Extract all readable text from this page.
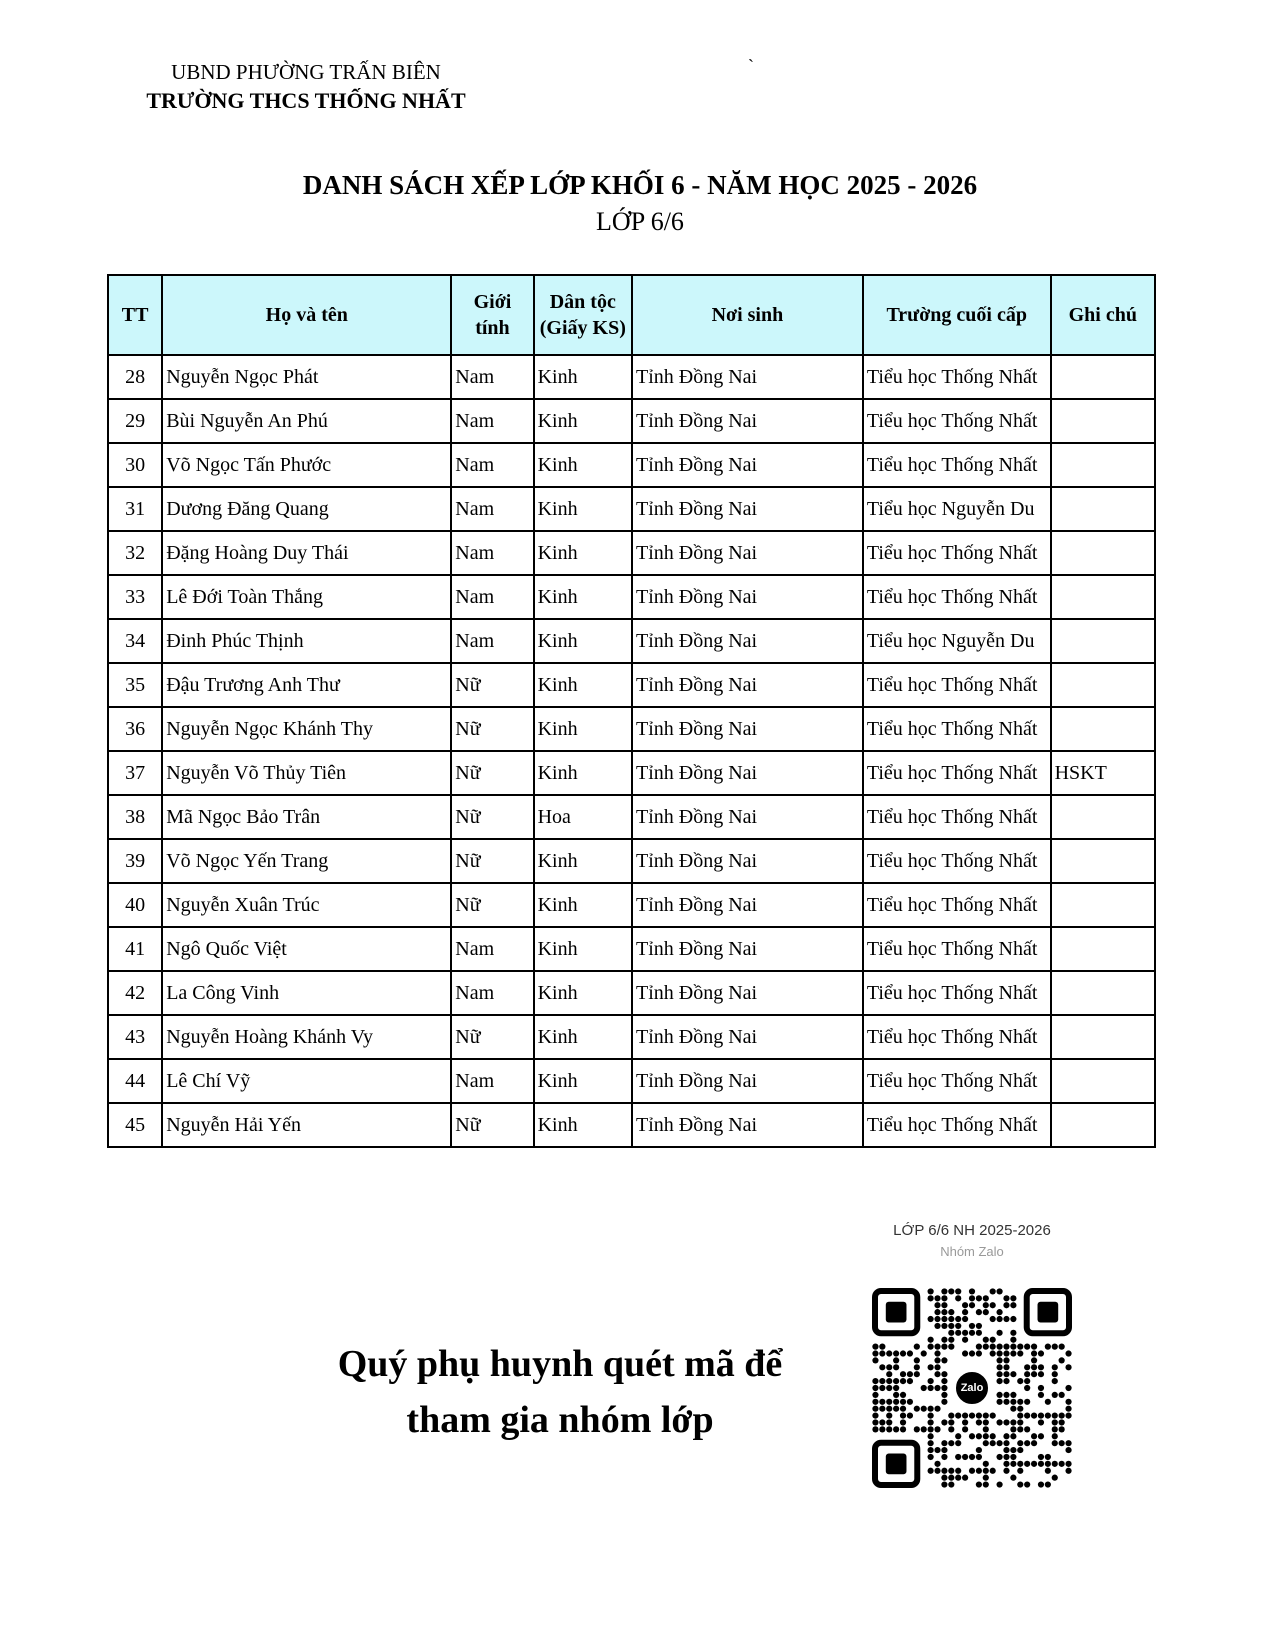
UBND PHƯỜNG TRẤN BIÊN
TRƯỜNG THCS THỐNG NHẤT
`
DANH SÁCH XẾP LỚP KHỐI 6 - NĂM HỌC 2025 - 2026
LỚP 6/6
TT	Họ và tên	Giới tính	Dân tộc (Giấy KS)	Nơi sinh	Trường cuối cấp	Ghi chú
28	Nguyễn Ngọc Phát	Nam	Kinh	Tỉnh Đồng Nai	Tiểu học Thống Nhất	
29	Bùi Nguyễn An Phú	Nam	Kinh	Tỉnh Đồng Nai	Tiểu học Thống Nhất	
30	Võ Ngọc Tấn Phước	Nam	Kinh	Tỉnh Đồng Nai	Tiểu học Thống Nhất	
31	Dương Đăng Quang	Nam	Kinh	Tỉnh Đồng Nai	Tiểu học Nguyễn Du	
32	Đặng Hoàng Duy Thái	Nam	Kinh	Tỉnh Đồng Nai	Tiểu học Thống Nhất	
33	Lê Đới Toàn Thắng	Nam	Kinh	Tỉnh Đồng Nai	Tiểu học Thống Nhất	
34	Đinh Phúc Thịnh	Nam	Kinh	Tỉnh Đồng Nai	Tiểu học Nguyễn Du	
35	Đậu Trương Anh Thư	Nữ	Kinh	Tỉnh Đồng Nai	Tiểu học Thống Nhất	
36	Nguyễn Ngọc Khánh Thy	Nữ	Kinh	Tỉnh Đồng Nai	Tiểu học Thống Nhất	
37	Nguyễn Võ Thủy Tiên	Nữ	Kinh	Tỉnh Đồng Nai	Tiểu học Thống Nhất	HSKT
38	Mã Ngọc Bảo Trân	Nữ	Hoa	Tỉnh Đồng Nai	Tiểu học Thống Nhất	
39	Võ Ngọc Yến Trang	Nữ	Kinh	Tỉnh Đồng Nai	Tiểu học Thống Nhất	
40	Nguyễn Xuân Trúc	Nữ	Kinh	Tỉnh Đồng Nai	Tiểu học Thống Nhất	
41	Ngô Quốc Việt	Nam	Kinh	Tỉnh Đồng Nai	Tiểu học Thống Nhất	
42	La Công Vinh	Nam	Kinh	Tỉnh Đồng Nai	Tiểu học Thống Nhất	
43	Nguyễn Hoàng Khánh Vy	Nữ	Kinh	Tỉnh Đồng Nai	Tiểu học Thống Nhất	
44	Lê Chí Vỹ	Nam	Kinh	Tỉnh Đồng Nai	Tiểu học Thống Nhất	
45	Nguyễn Hải Yến	Nữ	Kinh	Tỉnh Đồng Nai	Tiểu học Thống Nhất	
Quý phụ huynh quét mã để
tham gia nhóm lớp
LỚP 6/6 NH 2025-2026
Nhóm Zalo
Zalo
